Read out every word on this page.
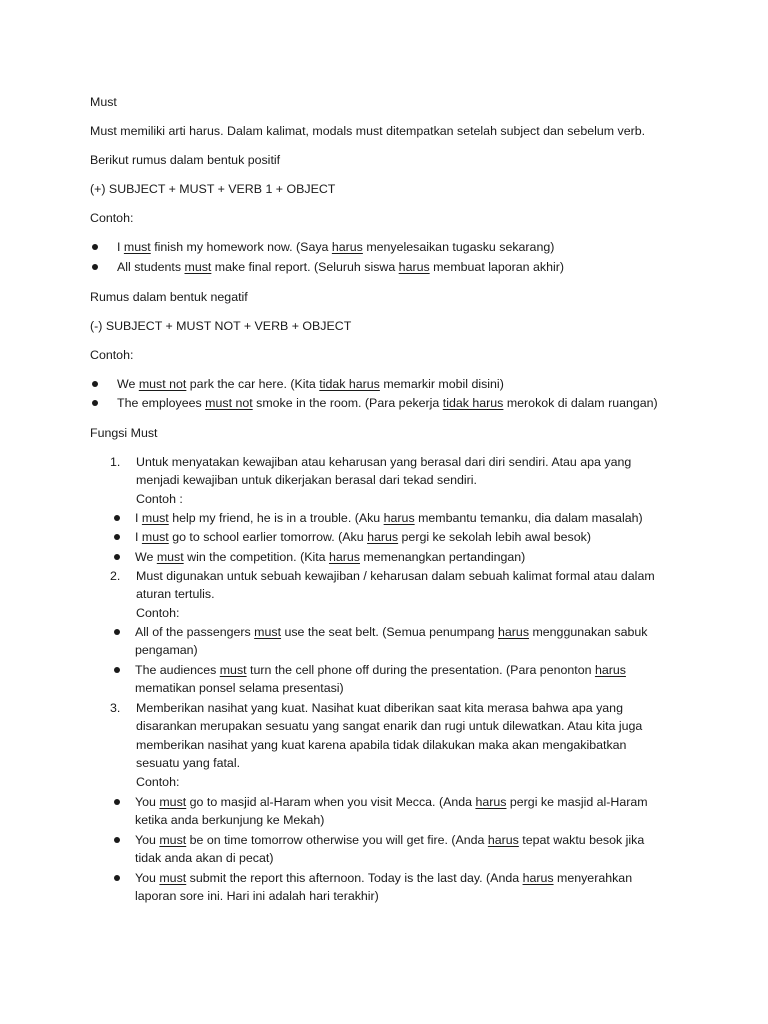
Must

Must memiliki arti harus. Dalam kalimat, modals must ditempatkan setelah subject dan sebelum verb.

Berikut rumus dalam bentuk positif

(+) SUBJECT + MUST + VERB 1 + OBJECT

Contoh:

I must finish my homework now. (Saya harus menyelesaikan tugasku sekarang)

All students must make final report. (Seluruh siswa harus membuat laporan akhir)

Rumus dalam bentuk negatif

(-) SUBJECT + MUST NOT + VERB + OBJECT

Contoh:

We must not park the car here. (Kita tidak harus memarkir mobil disini)

The employees must not smoke in the room. (Para pekerja tidak harus merokok di dalam ruangan)

Fungsi Must

1.	Untuk menyatakan kewajiban atau keharusan yang berasal dari diri sendiri. Atau apa yang

menjadi kewajiban untuk dikerjakan berasal dari tekad sendiri.

Contoh :

I must help my friend, he is in a trouble. (Aku harus membantu temanku, dia dalam masalah)

I must go to school earlier tomorrow. (Aku harus pergi ke sekolah lebih awal besok)

We must win the competition. (Kita harus memenangkan pertandingan)

2.	Must digunakan untuk sebuah kewajiban / keharusan dalam sebuah kalimat formal atau dalam

aturan tertulis.

Contoh:

All of the passengers must use the seat belt. (Semua penumpang harus menggunakan sabuk

pengaman)

The audiences must turn the cell phone off during the presentation. (Para penonton harus

mematikan ponsel selama presentasi)

3.	Memberikan nasihat yang kuat. Nasihat kuat diberikan saat kita merasa bahwa apa yang

disarankan merupakan sesuatu yang sangat enarik dan rugi untuk dilewatkan. Atau kita juga

memberikan nasihat yang kuat karena apabila tidak dilakukan maka akan mengakibatkan

sesuatu yang fatal.

Contoh:

You must go to masjid al-Haram when you visit Mecca. (Anda harus pergi ke masjid al-Haram

ketika anda berkunjung ke Mekah)

You must be on time tomorrow otherwise you will get fire. (Anda harus tepat waktu besok jika

tidak anda akan di pecat)

You must submit the report this afternoon. Today is the last day. (Anda harus menyerahkan

laporan sore ini. Hari ini adalah hari terakhir)
